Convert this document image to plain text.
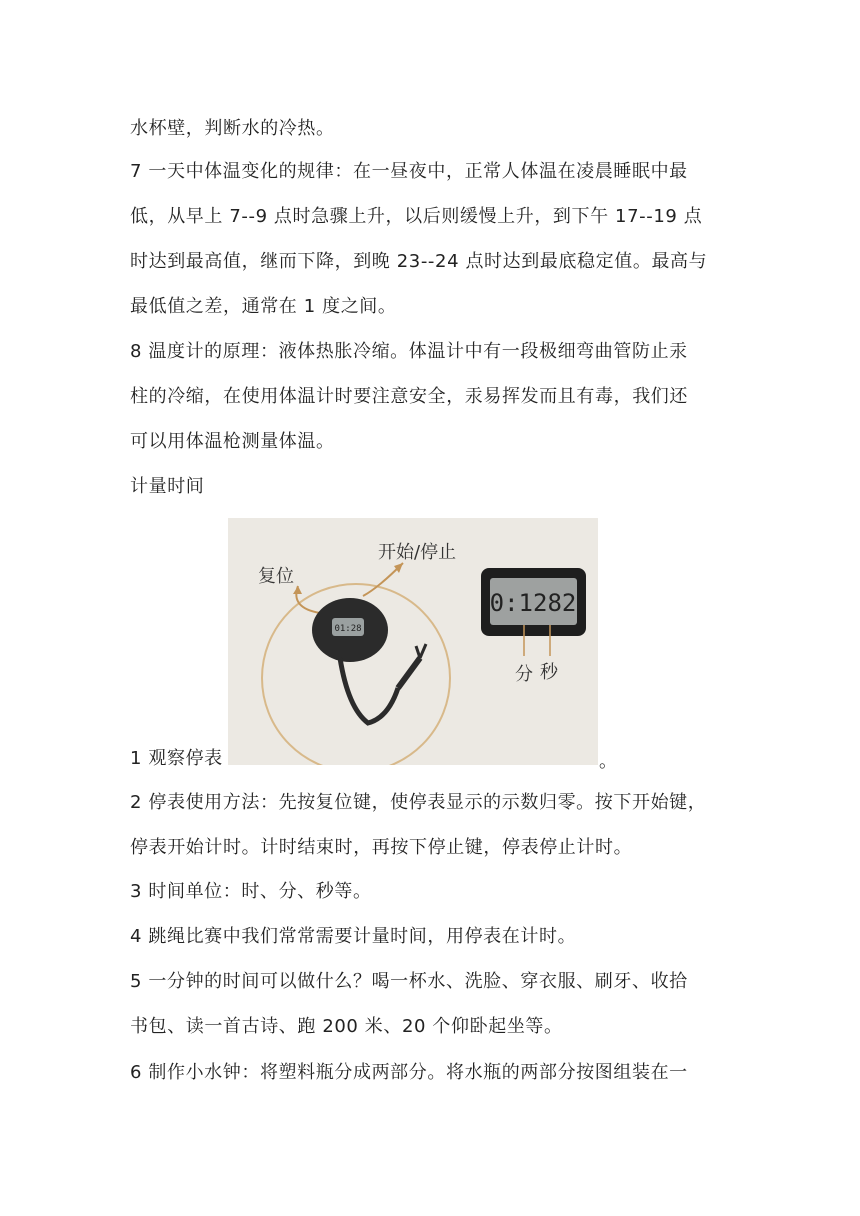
水杯壁，判断水的冷热。
7 一天中体温变化的规律：在一昼夜中，正常人体温在凌晨睡眠中最
低，从早上 7--9 点时急骤上升，以后则缓慢上升，到下午 17--19 点
时达到最高值，继而下降，到晚 23--24 点时达到最底稳定值。最高与
最低值之差，通常在 1 度之间。
8 温度计的原理：液体热胀冷缩。体温计中有一段极细弯曲管防止汞
柱的冷缩，在使用体温计时要注意安全，汞易挥发而且有毒，我们还
可以用体温枪测量体温。
计量时间
1 观察停表
01:28
0:1282
复位
开始/停止
分 秒
。
2 停表使用方法：先按复位键，使停表显示的示数归零。按下开始键，
停表开始计时。计时结束时，再按下停止键，停表停止计时。
3 时间单位：时、分、秒等。
4 跳绳比赛中我们常常需要计量时间，用停表在计时。
5 一分钟的时间可以做什么？喝一杯水、洗脸、穿衣服、刷牙、收拾
书包、读一首古诗、跑 200 米、20 个仰卧起坐等。
6 制作小水钟：将塑料瓶分成两部分。将水瓶的两部分按图组装在一
